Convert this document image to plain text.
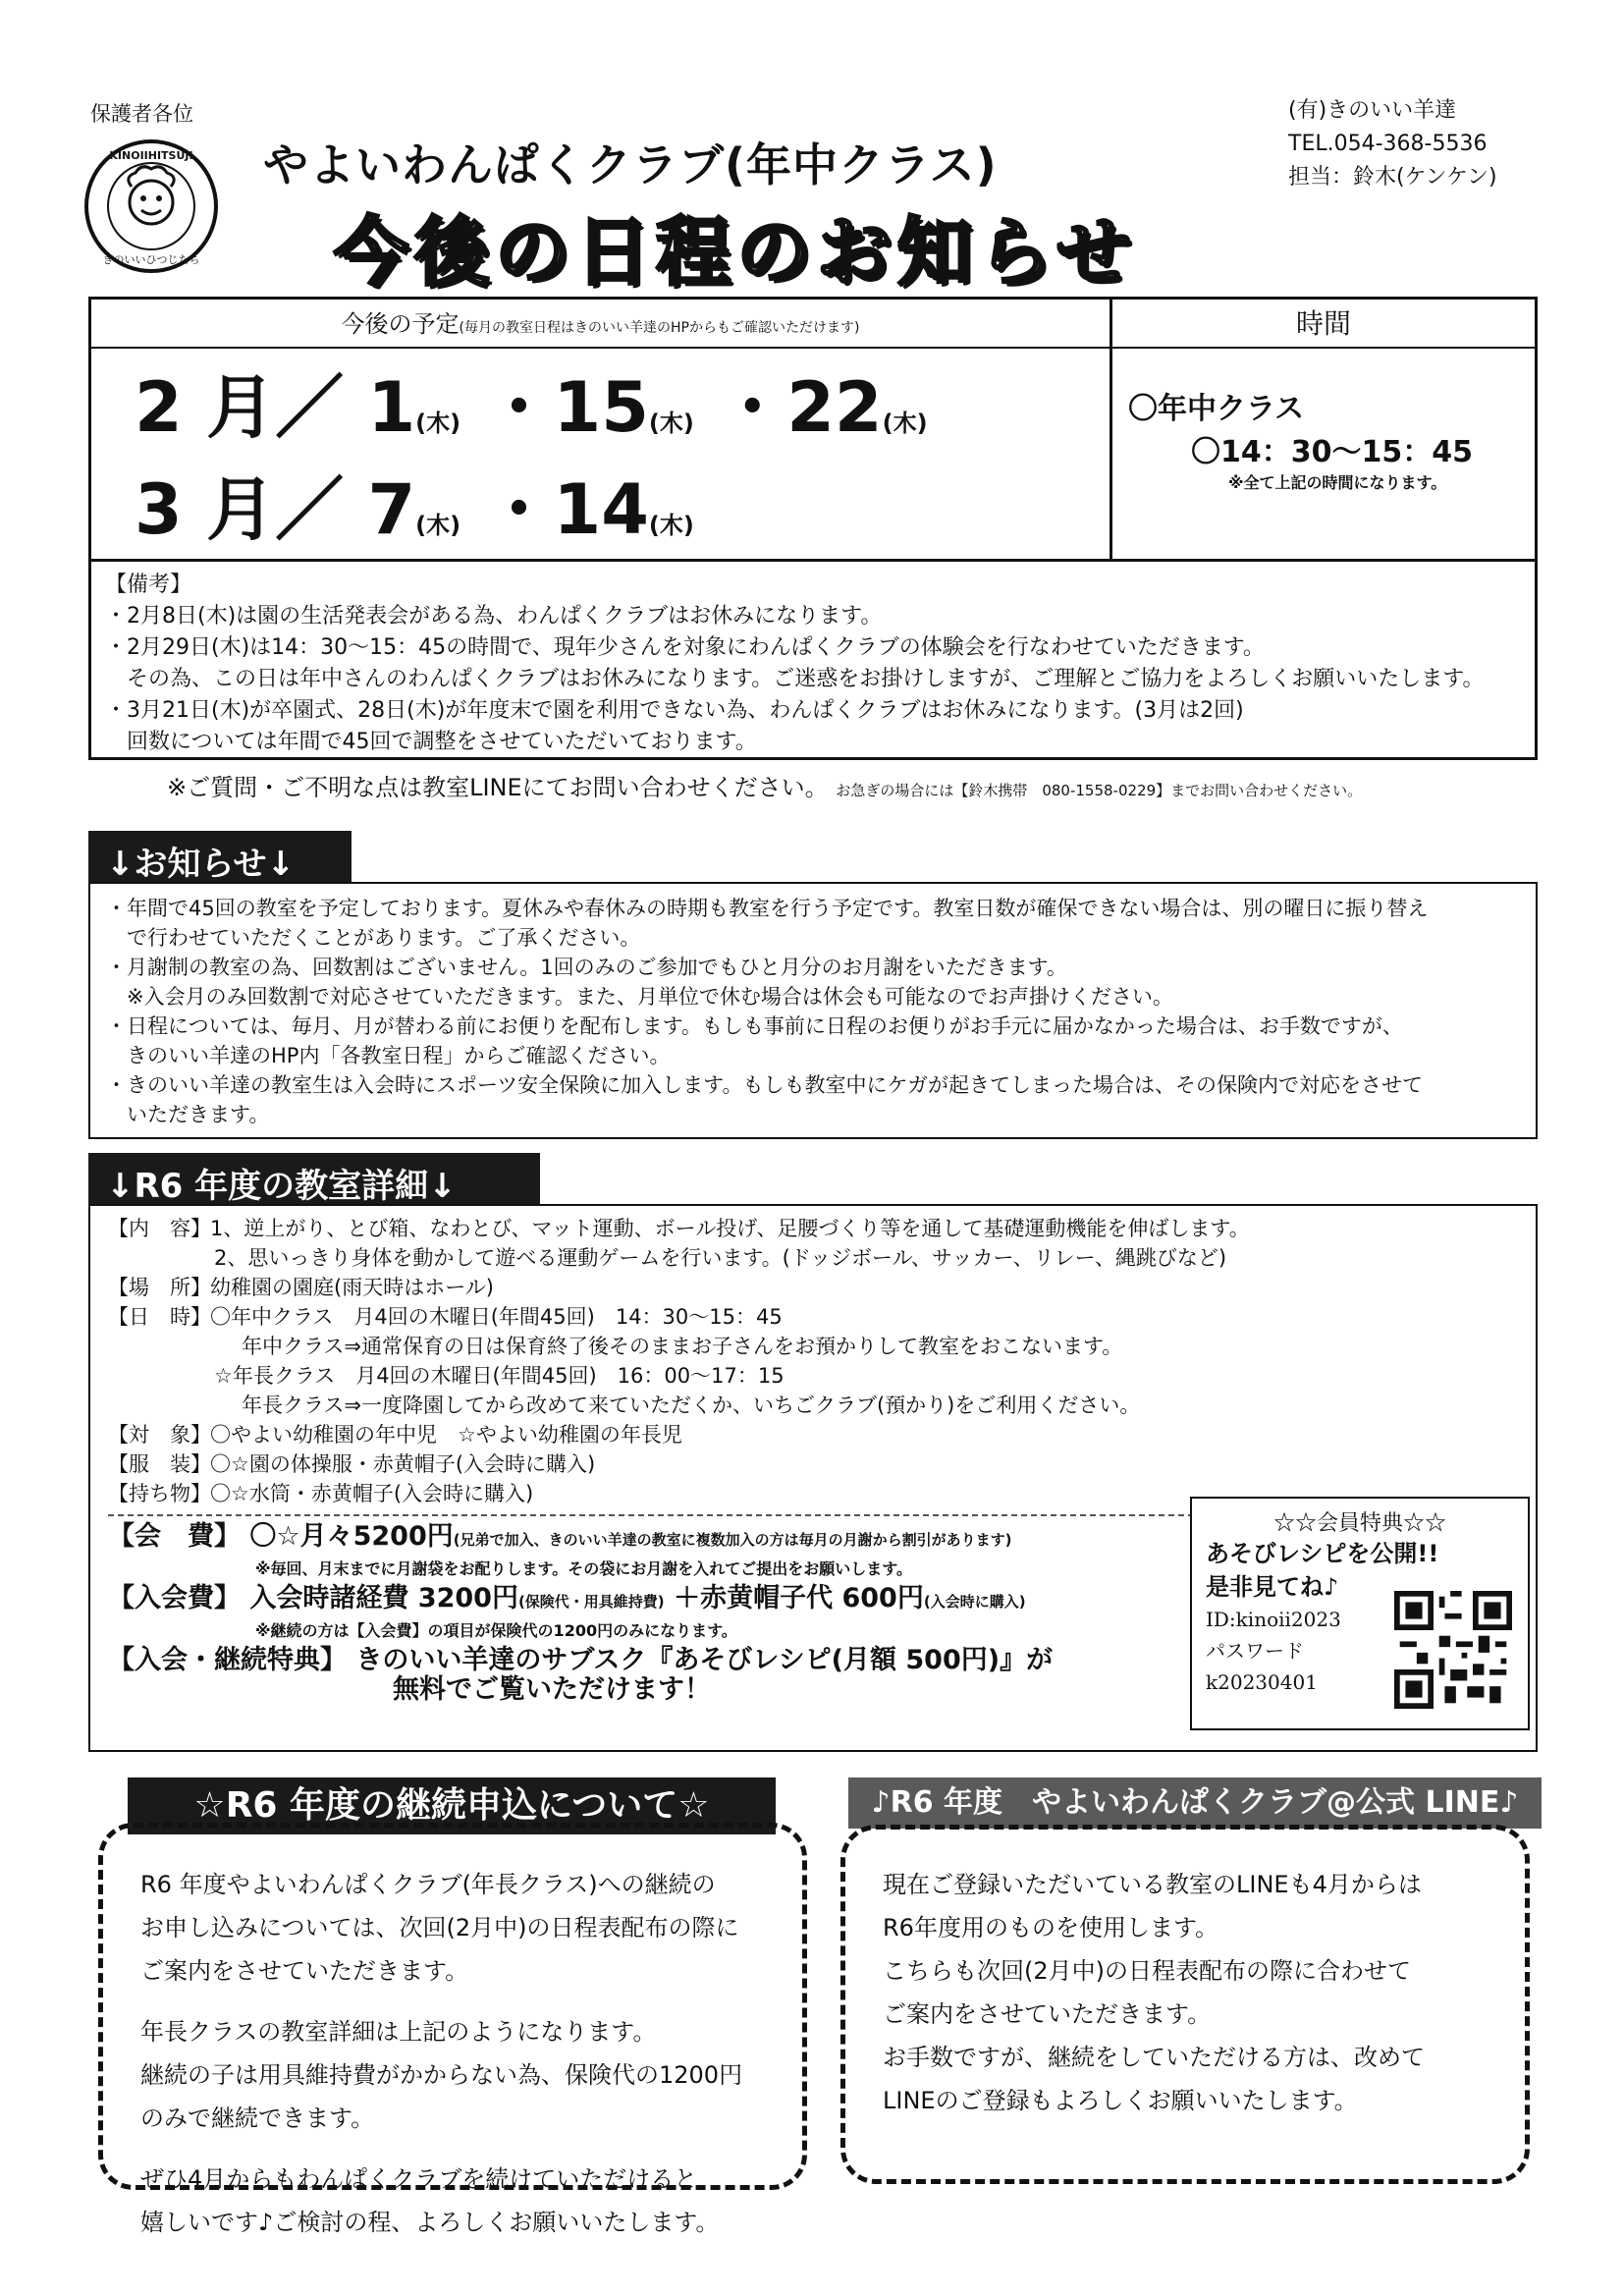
保護者各位
KINOIIHITSUJI
きのいいひつじたち
やよいわんぱくクラブ(年中クラス)
今後の日程のお知らせ
(有)きのいい羊達
TEL.054-368-5536
担当：鈴木(ケンケン)
今後の予定(毎月の教室日程はきのいい羊達のHPからもご確認いただけます)	時間
2 月／ 1(木) ・15(木) ・22(木)
3 月／ 7(木) ・14(木)
〇年中クラス
〇14：30～15：45
※全て上記の時間になります。
【備考】
・2月8日(木)は園の生活発表会がある為、わんぱくクラブはお休みになります。
・2月29日(木)は14：30～15：45の時間で、現年少さんを対象にわんぱくクラブの体験会を行なわせていただきます。
　その為、この日は年中さんのわんぱくクラブはお休みになります。ご迷惑をお掛けしますが、ご理解とご協力をよろしくお願いいたします。
・3月21日(木)が卒園式、28日(木)が年度末で園を利用できない為、わんぱくクラブはお休みになります。(3月は2回)
　回数については年間で45回で調整をさせていただいております。
※ご質問・ご不明な点は教室LINEにてお問い合わせください。 お急ぎの場合には【鈴木携帯　080-1558-0229】までお問い合わせください。
↓お知らせ↓
・年間で45回の教室を予定しております。夏休みや春休みの時期も教室を行う予定です。教室日数が確保できない場合は、別の曜日に振り替え
　で行わせていただくことがあります。ご了承ください。
・月謝制の教室の為、回数割はございません。1回のみのご参加でもひと月分のお月謝をいただきます。
　※入会月のみ回数割で対応させていただきます。また、月単位で休む場合は休会も可能なのでお声掛けください。
・日程については、毎月、月が替わる前にお便りを配布します。もしも事前に日程のお便りがお手元に届かなかった場合は、お手数ですが、
　きのいい羊達のHP内「各教室日程」からご確認ください。
・きのいい羊達の教室生は入会時にスポーツ安全保険に加入します。もしも教室中にケガが起きてしまった場合は、その保険内で対応をさせて
　いただきます。
↓R6 年度の教室詳細↓
【内　容】1、逆上がり、とび箱、なわとび、マット運動、ボール投げ、足腰づくり等を通して基礎運動機能を伸ばします。
2、思いっきり身体を動かして遊べる運動ゲームを行います。(ドッジボール、サッカー、リレー、縄跳びなど)
【場　所】幼稚園の園庭(雨天時はホール)
【日　時】〇年中クラス　月4回の木曜日(年間45回)　14：30～15：45
年中クラス⇒通常保育の日は保育終了後そのままお子さんをお預かりして教室をおこないます。
☆年長クラス　月4回の木曜日(年間45回)　16：00～17：15
年長クラス⇒一度降園してから改めて来ていただくか、いちごクラブ(預かり)をご利用ください。
【対　象】〇やよい幼稚園の年中児　☆やよい幼稚園の年長児
【服　装】〇☆園の体操服・赤黄帽子(入会時に購入)
【持ち物】〇☆水筒・赤黄帽子(入会時に購入)
【会　費】 〇☆月々5200円(兄弟で加入、きのいい羊達の教室に複数加入の方は毎月の月謝から割引があります)
※毎回、月末までに月謝袋をお配りします。その袋にお月謝を入れてご提出をお願いします。
【入会費】 入会時諸経費 3200円(保険代・用具維持費) ＋赤黄帽子代 600円(入会時に購入)
※継続の方は【入会費】の項目が保険代の1200円のみになります。
【入会・継続特典】 きのいい羊達のサブスク『あそびレシピ(月額 500円)』が
無料でご覧いただけます！
☆☆会員特典☆☆
あそびレシピを公開!!
是非見てね♪
ID:kinoii2023
パスワード
k20230401
☆R6 年度の継続申込について☆
R6 年度やよいわんぱくクラブ(年長クラス)への継続の
お申し込みについては、次回(2月中)の日程表配布の際に
ご案内をさせていただきます。
年長クラスの教室詳細は上記のようになります。
継続の子は用具維持費がかからない為、保険代の1200円
のみで継続できます。
ぜひ4月からもわんぱくクラブを続けていただけると
嬉しいです♪ご検討の程、よろしくお願いいたします。
♪R6 年度　やよいわんぱくクラブ@公式 LINE♪
現在ご登録いただいている教室のLINEも4月からは
R6年度用のものを使用します。
こちらも次回(2月中)の日程表配布の際に合わせて
ご案内をさせていただきます。
お手数ですが、継続をしていただける方は、改めて
LINEのご登録もよろしくお願いいたします。
